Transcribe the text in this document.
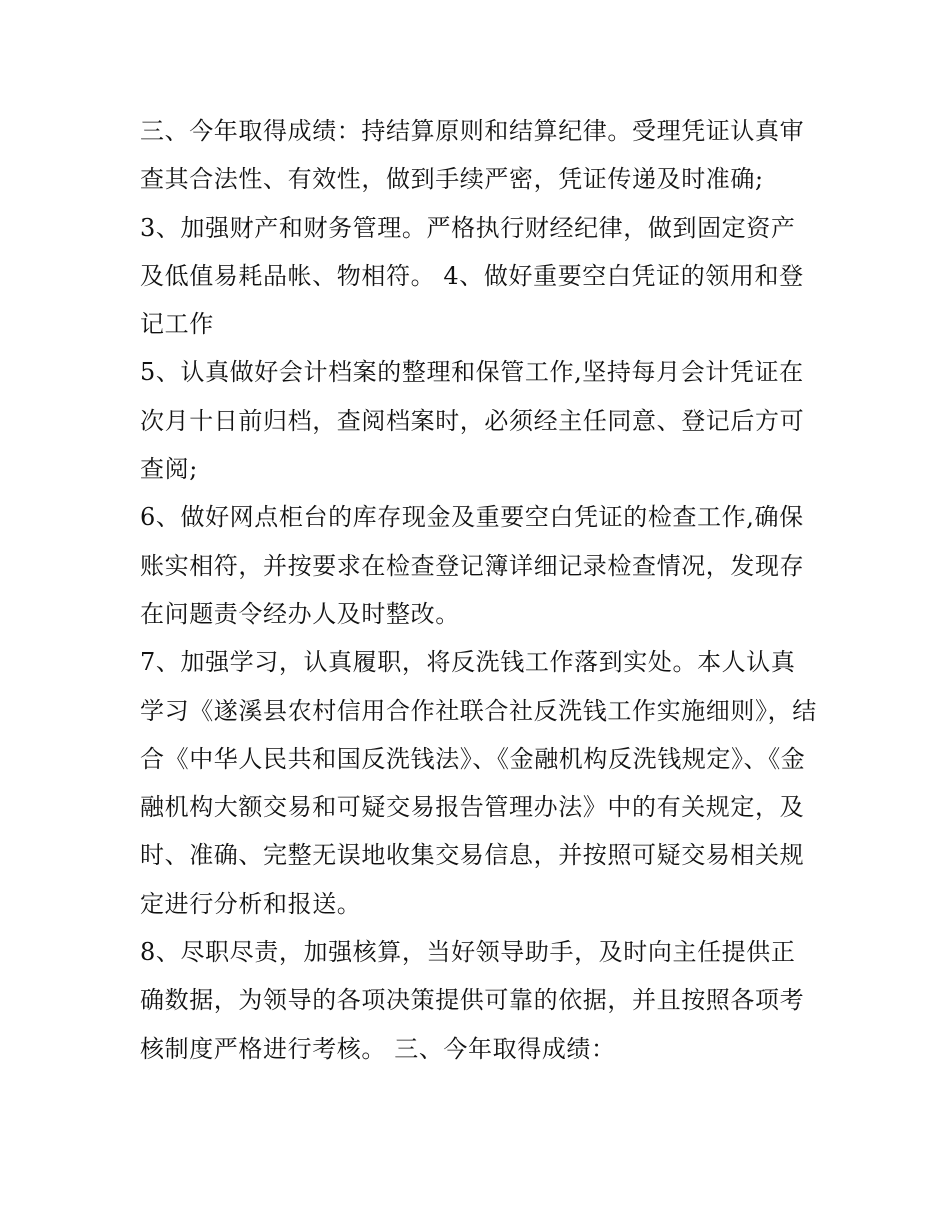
三、今年取得成绩：持结算原则和结算纪律。受理凭证认真审查其合法性、有效性，做到手续严密，凭证传递及时准确;

3、加强财产和财务管理。严格执行财经纪律，做到固定资产及低值易耗品帐、物相符。 4、做好重要空白凭证的领用和登记工作

5、认真做好会计档案的整理和保管工作,坚持每月会计凭证在次月十日前归档，查阅档案时，必须经主任同意、登记后方可查阅;

6、做好网点柜台的库存现金及重要空白凭证的检查工作,确保账实相符，并按要求在检查登记簿详细记录检查情况，发现存在问题责令经办人及时整改。

7、加强学习，认真履职，将反洗钱工作落到实处。本人认真学习《遂溪县农村信用合作社联合社反洗钱工作实施细则》，结合《中华人民共和国反洗钱法》、《金融机构反洗钱规定》、《金融机构大额交易和可疑交易报告管理办法》中的有关规定，及时、准确、完整无误地收集交易信息，并按照可疑交易相关规定进行分析和报送。

8、尽职尽责，加强核算，当好领导助手，及时向主任提供正确数据，为领导的各项决策提供可靠的依据，并且按照各项考核制度严格进行考核。 三、今年取得成绩：
